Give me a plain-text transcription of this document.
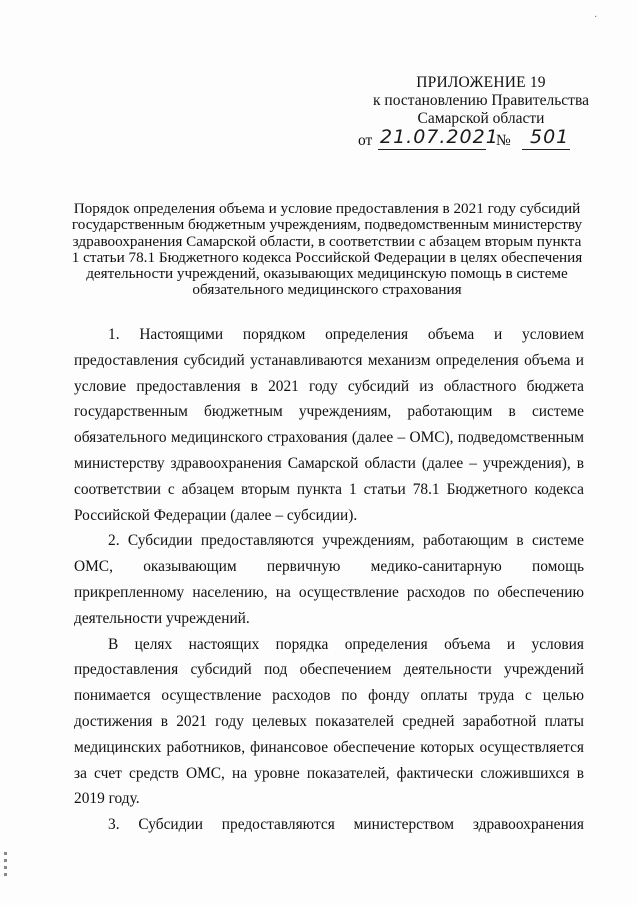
·
ПРИЛОЖЕНИЕ 19
к постановлению Правительства
Самарской области
от 21.07.2021
№ 501
Порядок определения объема и условие предоставления в 2021 году субсидий государственным бюджетным учреждениям, подведомственным министерству здравоохранения Самарской области, в соответствии с абзацем вторым пункта 1 статьи 78.1 Бюджетного кодекса Российской Федерации в целях обеспечения деятельности учреждений, оказывающих медицинскую помощь в системе обязательного медицинского страхования

1. Настоящими порядком определения объема и условием предоставления субсидий устанавливаются механизм определения объема и условие предоставления в 2021 году субсидий из областного бюджета государственным бюджетным учреждениям, работающим в системе обязательного медицинского страхования (далее – ОМС), подведомственным министерству здравоохранения Самарской области (далее – учреждения), в соответствии с абзацем вторым пункта 1 статьи 78.1 Бюджетного кодекса Российской Федерации (далее – субсидии).

2. Субсидии предоставляются учреждениям, работающим в системе ОМС, оказывающим первичную медико-санитарную помощь прикрепленному населению, на осуществление расходов по обеспечению деятельности учреждений.

В целях настоящих порядка определения объема и условия предоставления субсидий под обеспечением деятельности учреждений понимается осуществление расходов по фонду оплаты труда с целью достижения в 2021 году целевых показателей средней заработной платы медицинских работников, финансовое обеспечение которых осуществляется за счет средств ОМС, на уровне показателей, фактически сложившихся в 2019 году.

3. Субсидии предоставляются министерством здравоохранения
